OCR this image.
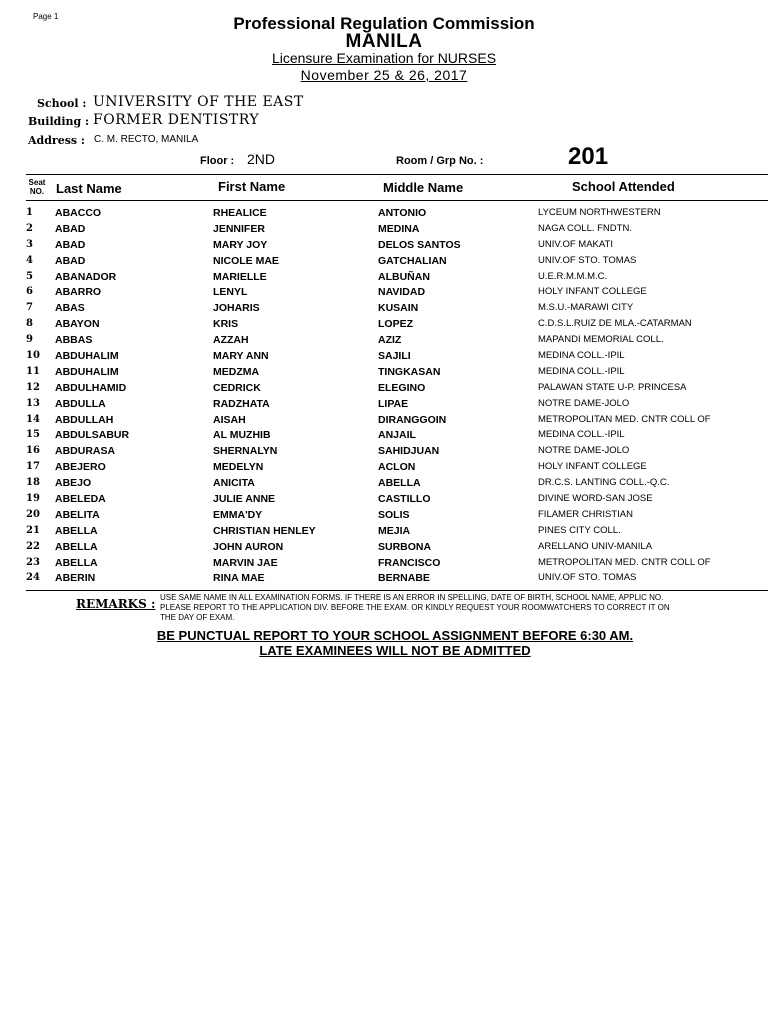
Page 1	Professional Regulation Commission
MANILA
Licensure Examination for NURSES
November 25 & 26, 2017
School : UNIVERSITY OF THE EAST
Building : FORMER DENTISTRY
Address : C. M. RECTO, MANILA
Floor : 2ND	Room / Grp No. :	201
Seat
NO. Last Name	First Name	Middle Name	School Attended
1 ABACCO	RHEALICE	ANTONIO	LYCEUM NORTHWESTERN
2 ABAD	JENNIFER	MEDINA	NAGA COLL. FNDTN.
3 ABAD	MARY JOY	DELOS SANTOS	UNIV.OF MAKATI
4 ABAD	NICOLE MAE	GATCHALIAN	UNIV.OF STO. TOMAS
5 ABANADOR	MARIELLE	ALBUÑAN	U.E.R.M.M.M.C.
6 ABARRO	LENYL	NAVIDAD	HOLY INFANT COLLEGE
7 ABAS	JOHARIS	KUSAIN	M.S.U.-MARAWI CITY
8 ABAYON	KRIS	LOPEZ	C.D.S.L.RUIZ DE MLA.-CATARMAN
9 ABBAS	AZZAH	AZIZ	MAPANDI MEMORIAL COLL.
10 ABDUHALIM	MARY ANN	SAJILI	MEDINA COLL.-IPIL
11 ABDUHALIM	MEDZMA	TINGKASAN	MEDINA COLL.-IPIL
12 ABDULHAMID	CEDRICK	ELEGINO	PALAWAN STATE U-P. PRINCESA
13 ABDULLA	RADZHATA	LIPAE	NOTRE DAME-JOLO
14 ABDULLAH	AISAH	DIRANGGOIN	METROPOLITAN MED. CNTR COLL OF
15 ABDULSABUR	AL MUZHIB	ANJAIL	MEDINA COLL.-IPIL
16 ABDURASA	SHERNALYN	SAHIDJUAN	NOTRE DAME-JOLO
17 ABEJERO	MEDELYN	ACLON	HOLY INFANT COLLEGE
18 ABEJO	ANICITA	ABELLA	DR.C.S. LANTING COLL.-Q.C.
19 ABELEDA	JULIE ANNE	CASTILLO	DIVINE WORD-SAN JOSE
20 ABELITA	EMMA'DY	SOLIS	FILAMER CHRISTIAN
21 ABELLA	CHRISTIAN HENLEY	MEJIA	PINES CITY COLL.
22 ABELLA	JOHN AURON	SURBONA	ARELLANO UNIV-MANILA
23 ABELLA	MARVIN JAE	FRANCISCO	METROPOLITAN MED. CNTR COLL OF
24 ABERIN	RINA MAE	BERNABE	UNIV.OF STO. TOMAS
REMARKS : USE SAME NAME IN ALL EXAMINATION FORMS. IF THERE IS AN ERROR IN SPELLING, DATE OF BIRTH, SCHOOL NAME, APPLIC NO. PLEASE REPORT TO THE APPLICATION DIV. BEFORE THE EXAM. OR KINDLY REQUEST YOUR ROOMWATCHERS TO CORRECT IT ON THE DAY OF EXAM.
BE PUNCTUAL REPORT TO YOUR SCHOOL ASSIGNMENT BEFORE 6:30 AM.
LATE EXAMINEES WILL NOT BE ADMITTED
